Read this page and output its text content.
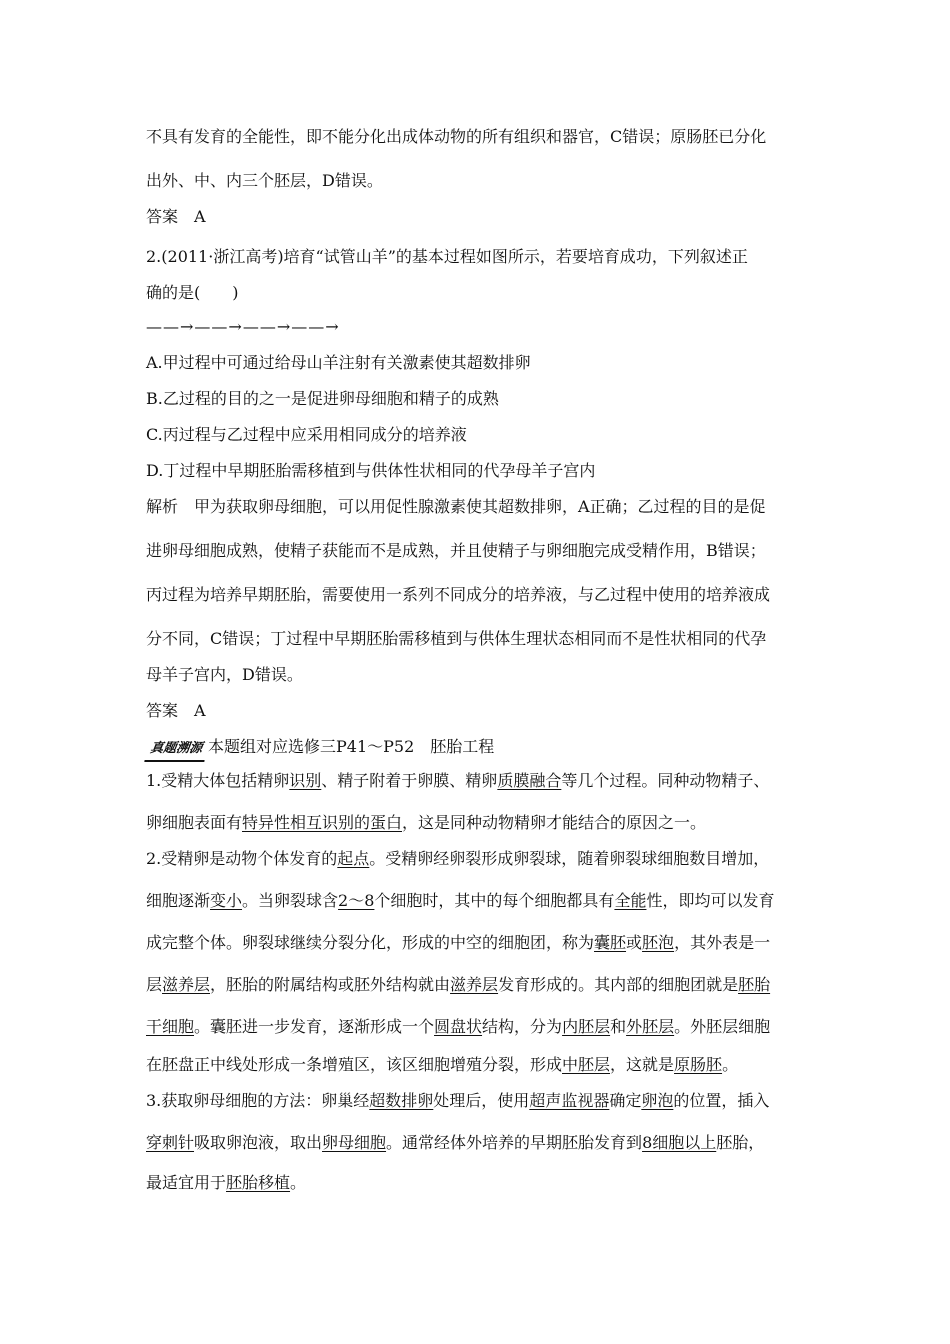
不具有发育的全能性，即不能分化出成体动物的所有组织和器官，C错误；原肠胚已分化
出外、中、内三个胚层，D错误。
答案　A
2.(2011·浙江高考)培育“试管山羊”的基本过程如图所示，若要培育成功，下列叙述正
确的是(　　)
——→——→——→——→
A.甲过程中可通过给母山羊注射有关激素使其超数排卵
B.乙过程的目的之一是促进卵母细胞和精子的成熟
C.丙过程与乙过程中应采用相同成分的培养液
D.丁过程中早期胚胎需移植到与供体性状相同的代孕母羊子宫内
解析　甲为获取卵母细胞，可以用促性腺激素使其超数排卵，A正确；乙过程的目的是促
进卵母细胞成熟，使精子获能而不是成熟，并且使精子与卵细胞完成受精作用，B错误；
丙过程为培养早期胚胎，需要使用一系列不同成分的培养液，与乙过程中使用的培养液成
分不同，C错误；丁过程中早期胚胎需移植到与供体生理状态相同而不是性状相同的代孕
母羊子宫内，D错误。
答案　A
真题溯源 本题组对应选修三P41～P52　胚胎工程
1.受精大体包括精卵识别、精子附着于卵膜、精卵质膜融合等几个过程。同种动物精子、
卵细胞表面有特异性相互识别的蛋白，这是同种动物精卵才能结合的原因之一。
2.受精卵是动物个体发育的起点。受精卵经卵裂形成卵裂球，随着卵裂球细胞数目增加，
细胞逐渐变小。当卵裂球含2～8个细胞时，其中的每个细胞都具有全能性，即均可以发育
成完整个体。卵裂球继续分裂分化，形成的中空的细胞团，称为囊胚或胚泡，其外表是一
层滋养层，胚胎的附属结构或胚外结构就由滋养层发育形成的。其内部的细胞团就是胚胎
干细胞。囊胚进一步发育，逐渐形成一个圆盘状结构，分为内胚层和外胚层。外胚层细胞
在胚盘正中线处形成一条增殖区，该区细胞增殖分裂，形成中胚层，这就是原肠胚。
3.获取卵母细胞的方法：卵巢经超数排卵处理后，使用超声监视器确定卵泡的位置，插入
穿刺针吸取卵泡液，取出卵母细胞。通常经体外培养的早期胚胎发育到8细胞以上胚胎，
最适宜用于胚胎移植。
